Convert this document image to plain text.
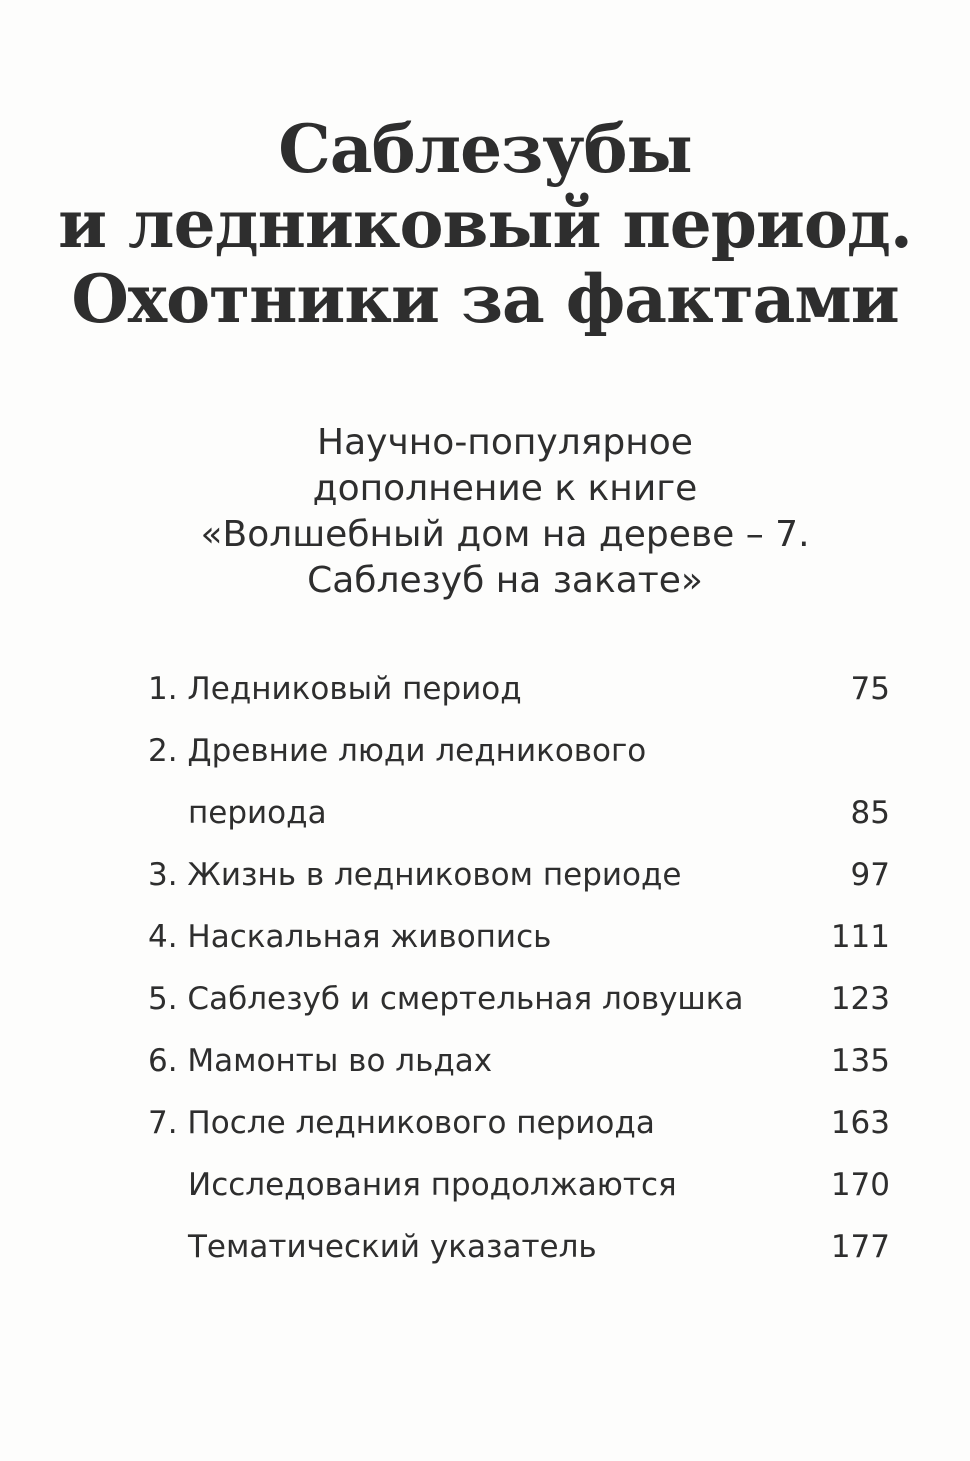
Саблезубы
и ледниковый период.
Охотники за фактами
Научно-популярное
дополнение к книге
«Волшебный дом на дереве – 7.
Саблезуб на закате»
1. Ледниковый период	75
2. Древние люди ледникового
периода	85
3. Жизнь в ледниковом периоде	97
4. Наскальная живопись	111
5. Саблезуб и смертельная ловушка	123
6. Мамонты во льдах	135
7. После ледникового периода	163
Исследования продолжаются	170
Тематический указатель	177
